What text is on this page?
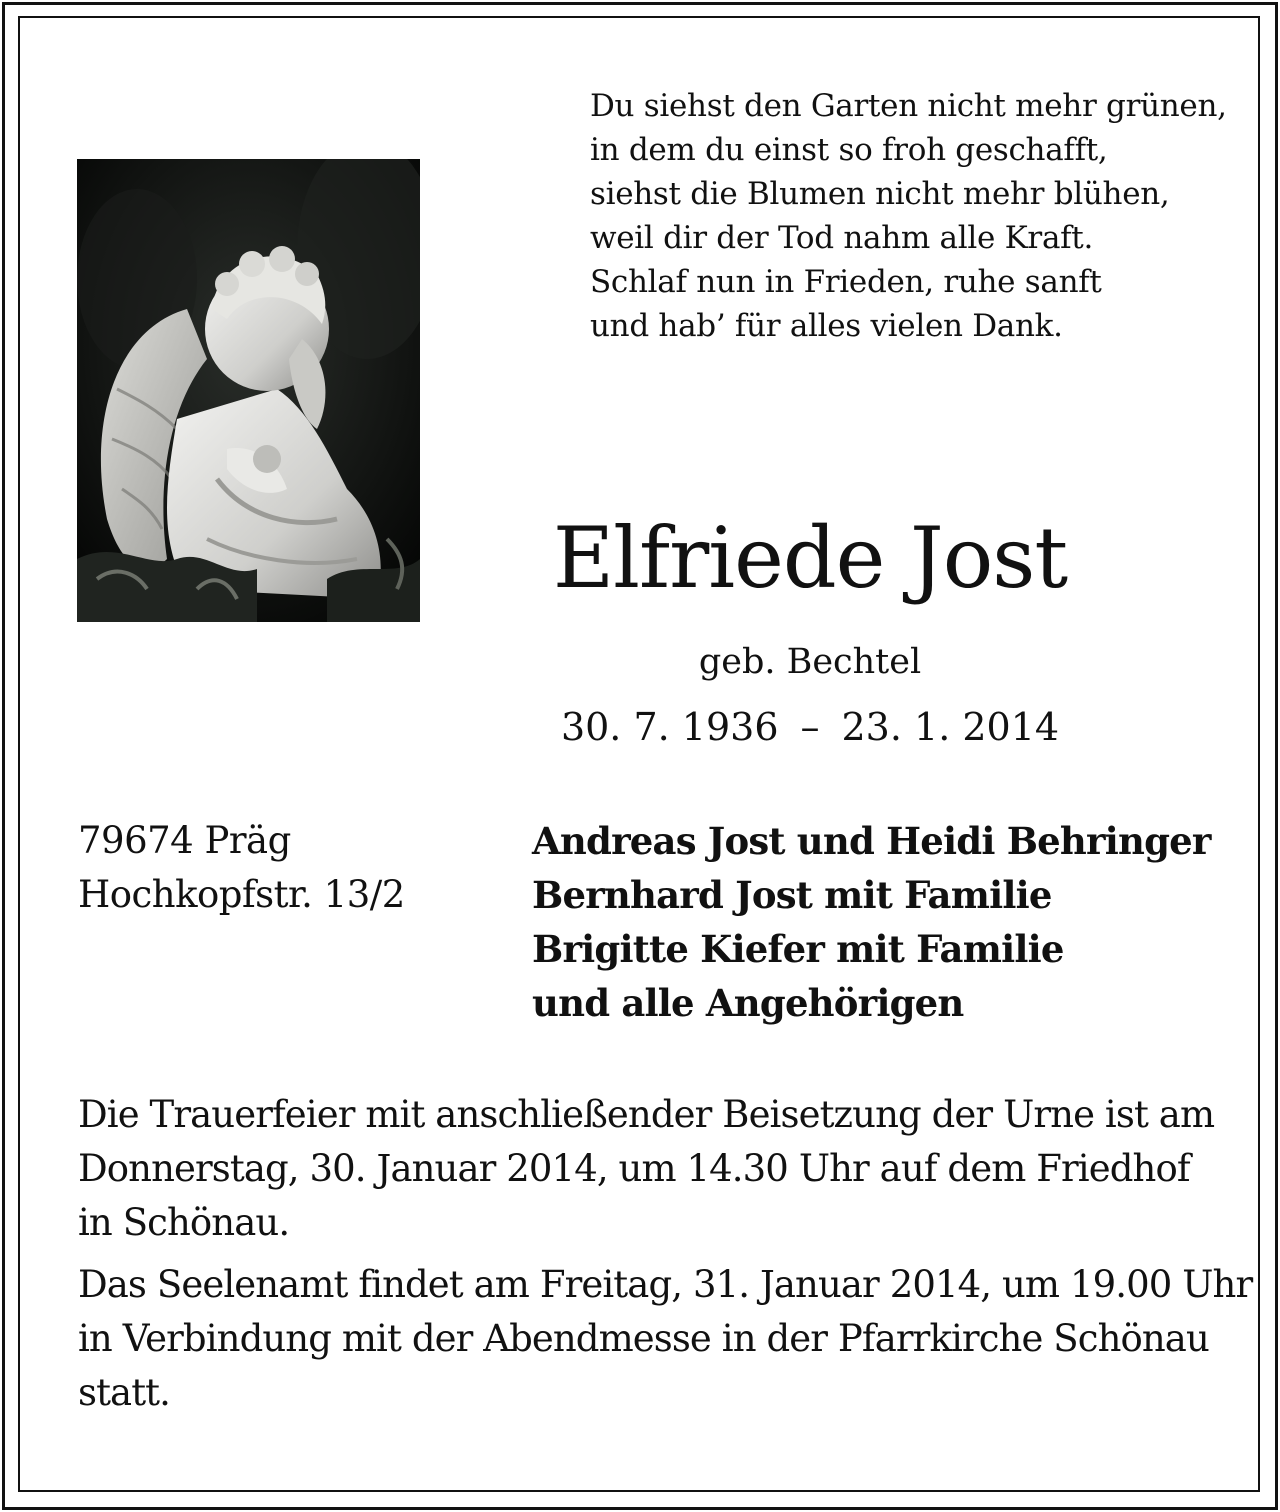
Du siehst den Garten nicht mehr grünen,
in dem du einst so froh geschafft,
siehst die Blumen nicht mehr blühen,
weil dir der Tod nahm alle Kraft.
Schlaf nun in Frieden, ruhe sanft
und hab’ für alles vielen Dank.
Elfriede Jost
geb. Bechtel
30. 7. 1936 – 23. 1. 2014
79674 Präg
Hochkopfstr. 13/2
Andreas Jost und Heidi Behringer
Bernhard Jost mit Familie
Brigitte Kiefer mit Familie
und alle Angehörigen
Die Trauerfeier mit anschließender Beisetzung der Urne ist am
Donnerstag, 30. Januar 2014, um 14.30 Uhr auf dem Friedhof
in Schönau.
Das Seelenamt findet am Freitag, 31. Januar 2014, um 19.00 Uhr
in Verbindung mit der Abendmesse in der Pfarrkirche Schönau
statt.
